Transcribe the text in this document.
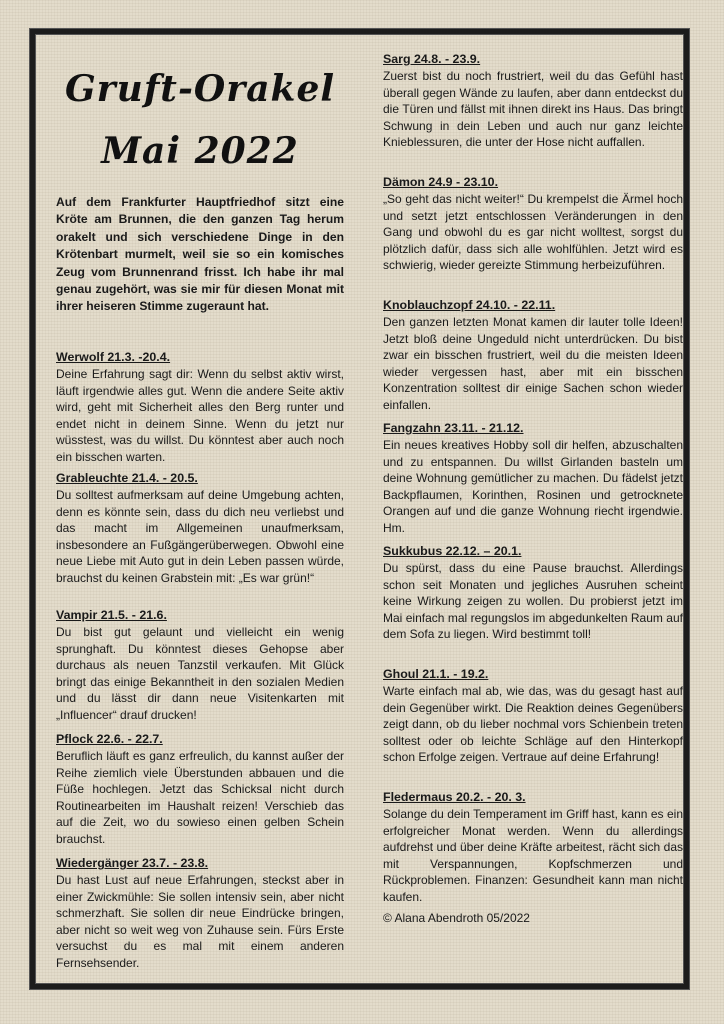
Gruft-Orakel
Mai 2022
Auf dem Frankfurter Hauptfriedhof sitzt eine Kröte am Brunnen, die den ganzen Tag herum orakelt und sich verschiedene Dinge in den Krötenbart murmelt, weil sie so ein komisches Zeug vom Brunnenrand frisst. Ich habe ihr mal genau zugehört, was sie mir für diesen Monat mit ihrer heiseren Stimme zugeraunt hat.
Werwolf 21.3. -20.4.

Deine Erfahrung sagt dir: Wenn du selbst aktiv wirst, läuft irgendwie alles gut. Wenn die andere Seite aktiv wird, geht mit Sicherheit alles den Berg runter und endet nicht in deinem Sinne. Wenn du jetzt nur wüsstest, was du willst. Du könntest aber auch noch ein bisschen warten.

Grableuchte 21.4. - 20.5.

Du solltest aufmerksam auf deine Umgebung achten, denn es könnte sein, dass du dich neu verliebst und das macht im Allgemeinen unaufmerksam, insbesondere an Fußgängerüberwegen. Obwohl eine neue Liebe mit Auto gut in dein Leben passen würde, brauchst du keinen Grabstein mit: „Es war grün!“

Vampir 21.5. - 21.6.

Du bist gut gelaunt und vielleicht ein wenig sprunghaft. Du könntest dieses Gehopse aber durchaus als neuen Tanzstil verkaufen. Mit Glück bringt das einige Bekanntheit in den sozialen Medien und du lässt dir dann neue Visitenkarten mit „Influencer“ drauf drucken!

Pflock 22.6. - 22.7.

Beruflich läuft es ganz erfreulich, du kannst außer der Reihe ziemlich viele Überstunden abbauen und die Füße hochlegen. Jetzt das Schicksal nicht durch Routinearbeiten im Haushalt reizen! Verschieb das auf die Zeit, wo du sowieso einen gelben Schein brauchst.

Wiedergänger 23.7. - 23.8.

Du hast Lust auf neue Erfahrungen, steckst aber in einer Zwickmühle: Sie sollen intensiv sein, aber nicht schmerzhaft. Sie sollen dir neue Eindrücke bringen, aber nicht so weit weg von Zuhause sein. Fürs Erste versuchst du es mal mit einem anderen Fernsehsender.

Sarg 24.8. - 23.9.

Zuerst bist du noch frustriert, weil du das Gefühl hast überall gegen Wände zu laufen, aber dann entdeckst du die Türen und fällst mit ihnen direkt ins Haus. Das bringt Schwung in dein Leben und auch nur ganz leichte Knieblessuren, die unter der Hose nicht auffallen.

Dämon 24.9 - 23.10.

„So geht das nicht weiter!“ Du krempelst die Ärmel hoch und setzt jetzt entschlossen Veränderungen in den Gang und obwohl du es gar nicht wolltest, sorgst du plötzlich dafür, dass sich alle wohlfühlen. Jetzt wird es schwierig, wieder gereizte Stimmung herbeizuführen.

Knoblauchzopf 24.10. - 22.11.

Den ganzen letzten Monat kamen dir lauter tolle Ideen! Jetzt bloß deine Ungeduld nicht unterdrücken. Du bist zwar ein bisschen frustriert, weil du die meisten Ideen wieder vergessen hast, aber mit ein bisschen Konzentration solltest dir einige Sachen schon wieder einfallen.

Fangzahn 23.11. - 21.12.

Ein neues kreatives Hobby soll dir helfen, abzuschalten und zu entspannen. Du willst Girlanden basteln um deine Wohnung gemütlicher zu machen. Du fädelst jetzt Backpflaumen, Korinthen, Rosinen und getrocknete Orangen auf und die ganze Wohnung riecht irgendwie. Hm.

Sukkubus 22.12. – 20.1.

Du spürst, dass du eine Pause brauchst. Allerdings schon seit Monaten und jegliches Ausruhen scheint keine Wirkung zeigen zu wollen. Du probierst jetzt im Mai einfach mal regungslos im abgedunkelten Raum auf dem Sofa zu liegen. Wird bestimmt toll!

Ghoul 21.1. - 19.2.

Warte einfach mal ab, wie das, was du gesagt hast auf dein Gegenüber wirkt. Die Reaktion deines Gegenübers zeigt dann, ob du lieber nochmal vors Schienbein treten solltest oder ob leichte Schläge auf den Hinterkopf schon Erfolge zeigen. Vertraue auf deine Erfahrung!

Fledermaus 20.2. - 20. 3.

Solange du dein Temperament im Griff hast, kann es ein erfolgreicher Monat werden. Wenn du allerdings aufdrehst und über deine Kräfte arbeitest, rächt sich das mit Verspannungen, Kopfschmerzen und Rückproblemen. Finanzen: Gesundheit kann man nicht kaufen.

© Alana Abendroth 05/2022
